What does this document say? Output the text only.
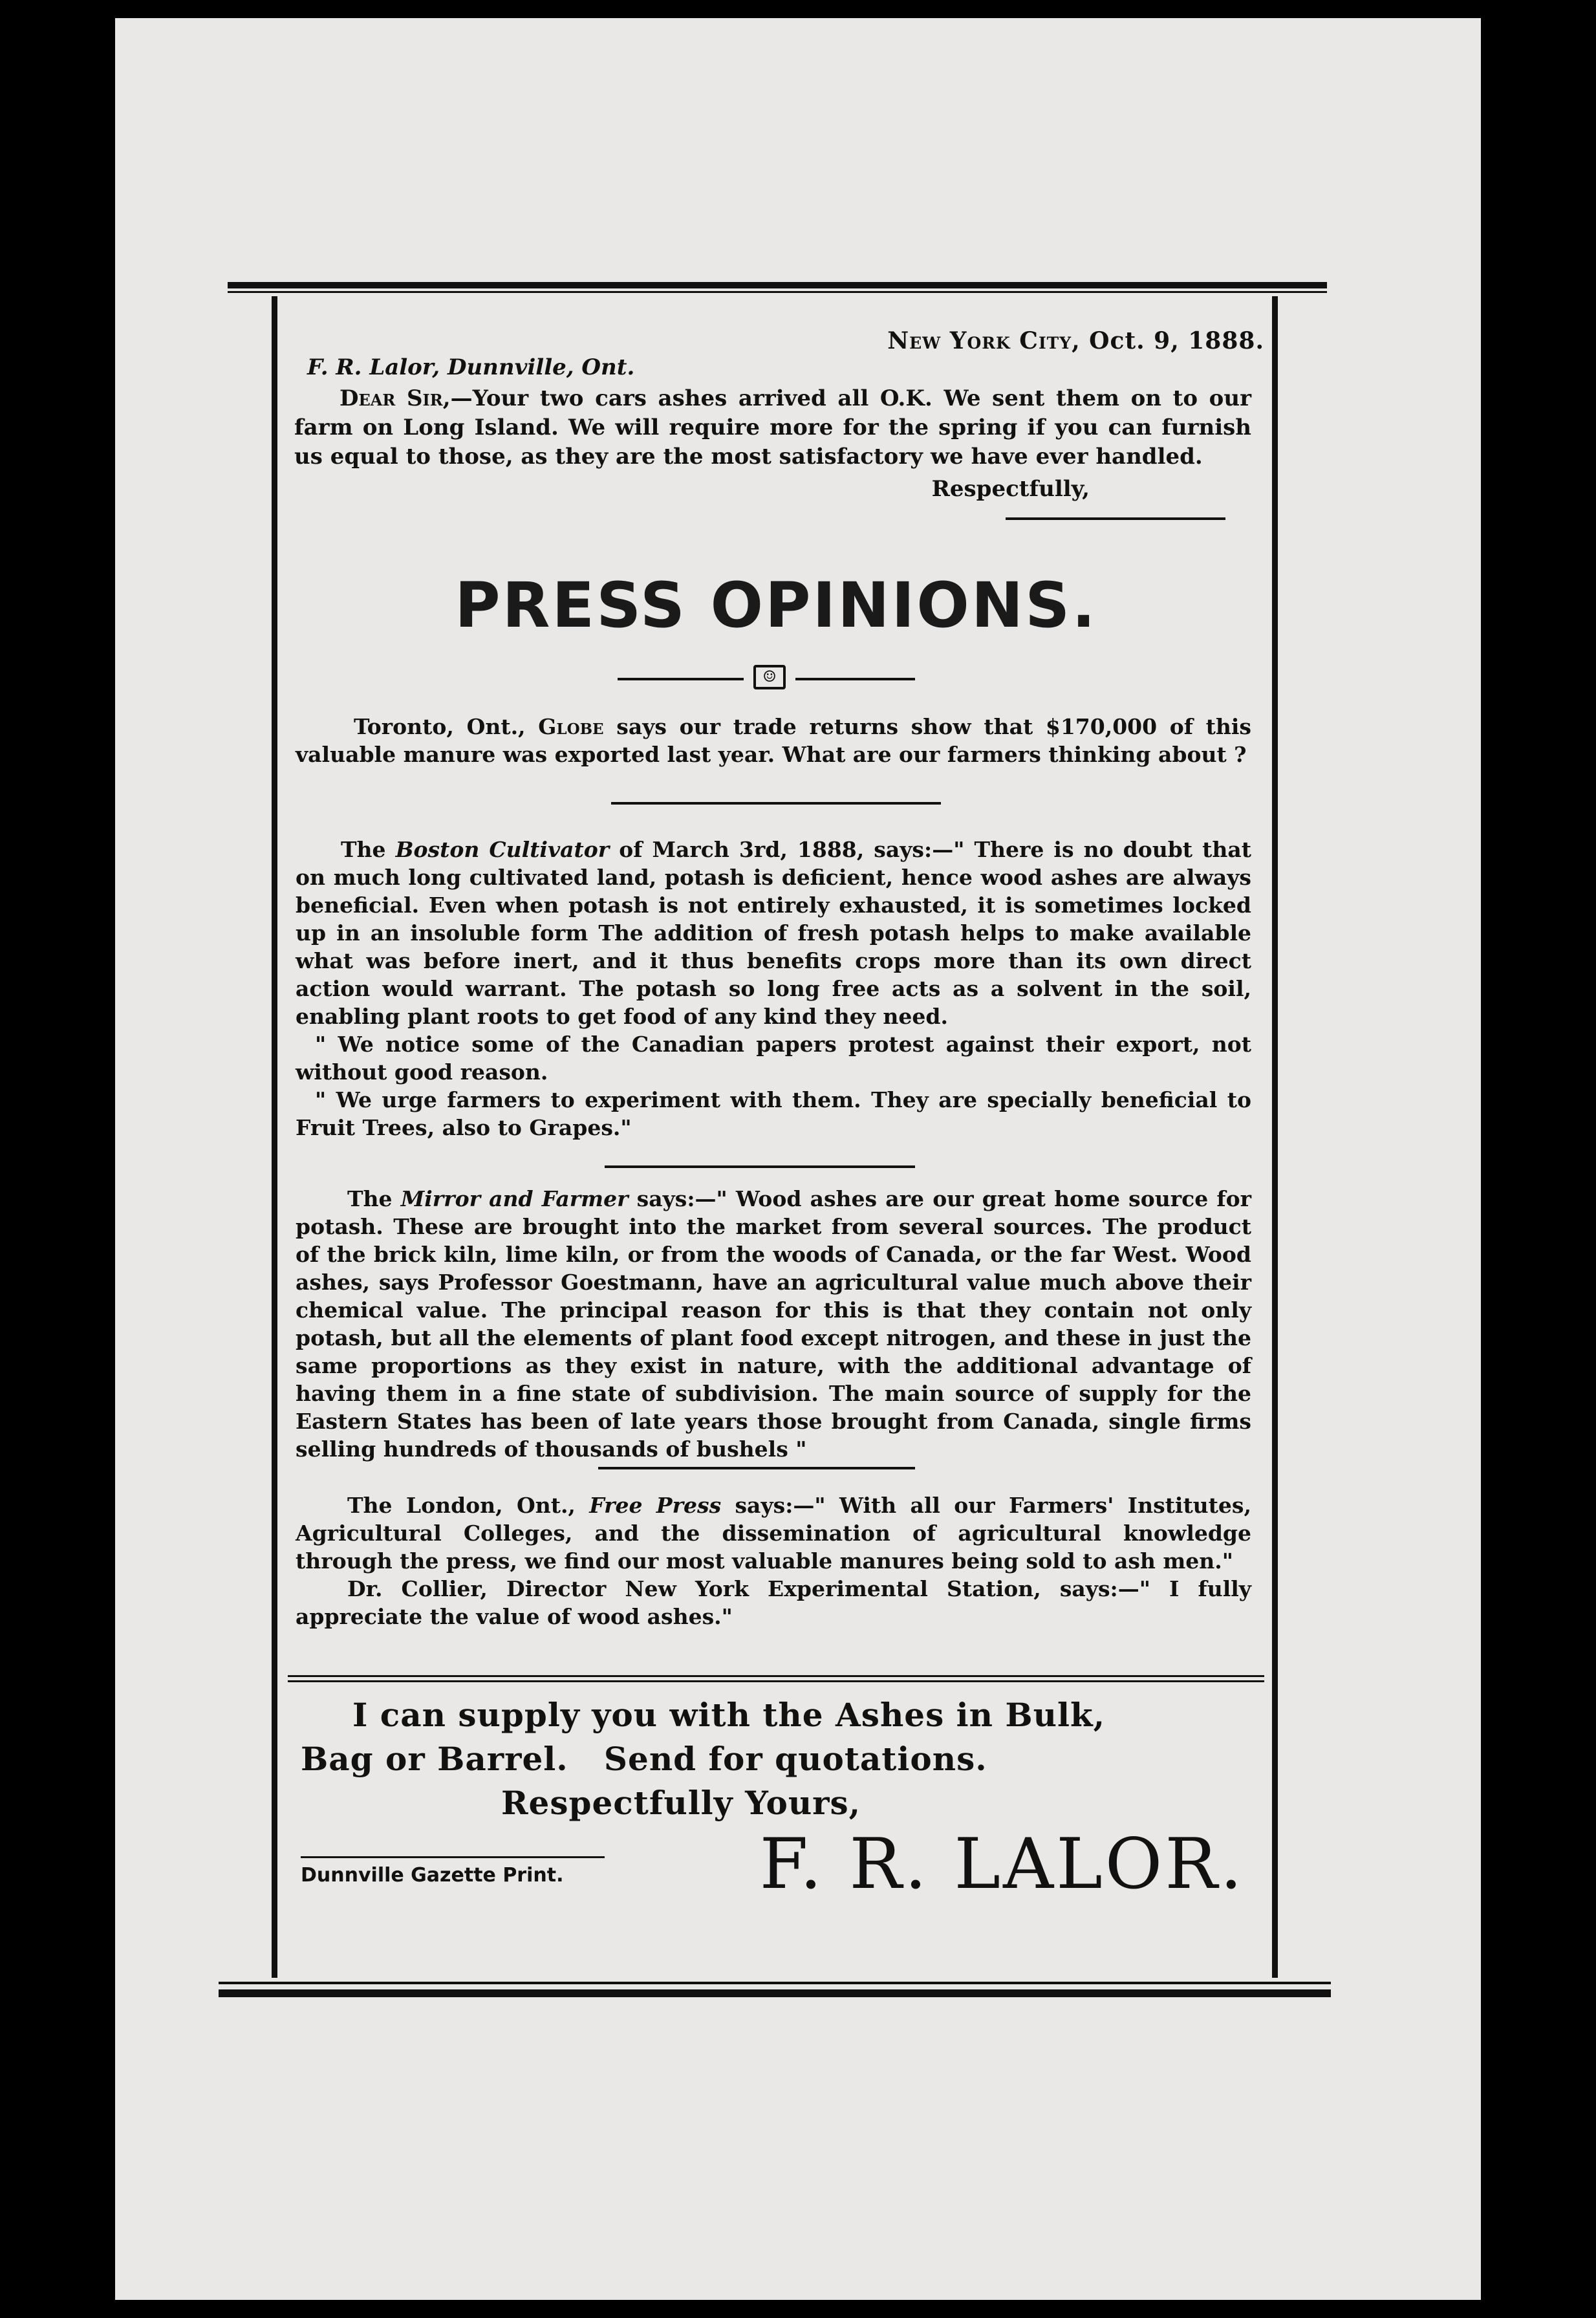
New York City, Oct. 9, 1888.
F. R. Lalor, Dunnville, Ont.
Dear Sir,—Your two cars ashes arrived all O.K. We sent them on to our farm on Long Island. We will require more for the spring if you can furnish us equal to those, as they are the most satisfactory we have ever handled.
Respectfully,
PRESS OPINIONS.
☺
Toronto, Ont., Globe says our trade returns show that $170,000 of this valuable manure was exported last year. What are our farmers thinking about ?
The Boston Cultivator of March 3rd, 1888, says:—" There is no doubt that on much long cultivated land, potash is deficient, hence wood ashes are always beneficial. Even when potash is not entirely exhausted, it is sometimes locked up in an insoluble form The addition of fresh potash helps to make available what was before inert, and it thus benefits crops more than its own direct action would warrant. The potash so long free acts as a solvent in the soil, enabling plant roots to get food of any kind they need.
" We notice some of the Canadian papers protest against their export, not without good reason.
" We urge farmers to experiment with them. They are specially beneficial to Fruit Trees, also to Grapes."
The Mirror and Farmer says:—" Wood ashes are our great home source for potash. These are brought into the market from several sources. The product of the brick kiln, lime kiln, or from the woods of Canada, or the far West. Wood ashes, says Professor Goestmann, have an agricultural value much above their chemical value. The principal reason for this is that they contain not only potash, but all the elements of plant food except nitrogen, and these in just the same proportions as they exist in nature, with the additional advantage of having them in a fine state of subdivision. The main source of supply for the Eastern States has been of late years those brought from Canada, single firms selling hundreds of thousands of bushels "
The London, Ont., Free Press says:—" With all our Farmers' Institutes, Agricultural Colleges, and the dissemination of agricultural knowledge through the press, we find our most valuable manures being sold to ash men."
Dr. Collier, Director New York Experimental Station, says:—" I fully appreciate the value of wood ashes."
I can supply you with the Ashes in Bulk,
Bag or Barrel.   Send for quotations.
Respectfully Yours,
Dunnville Gazette Print.	F. R. LALOR.
